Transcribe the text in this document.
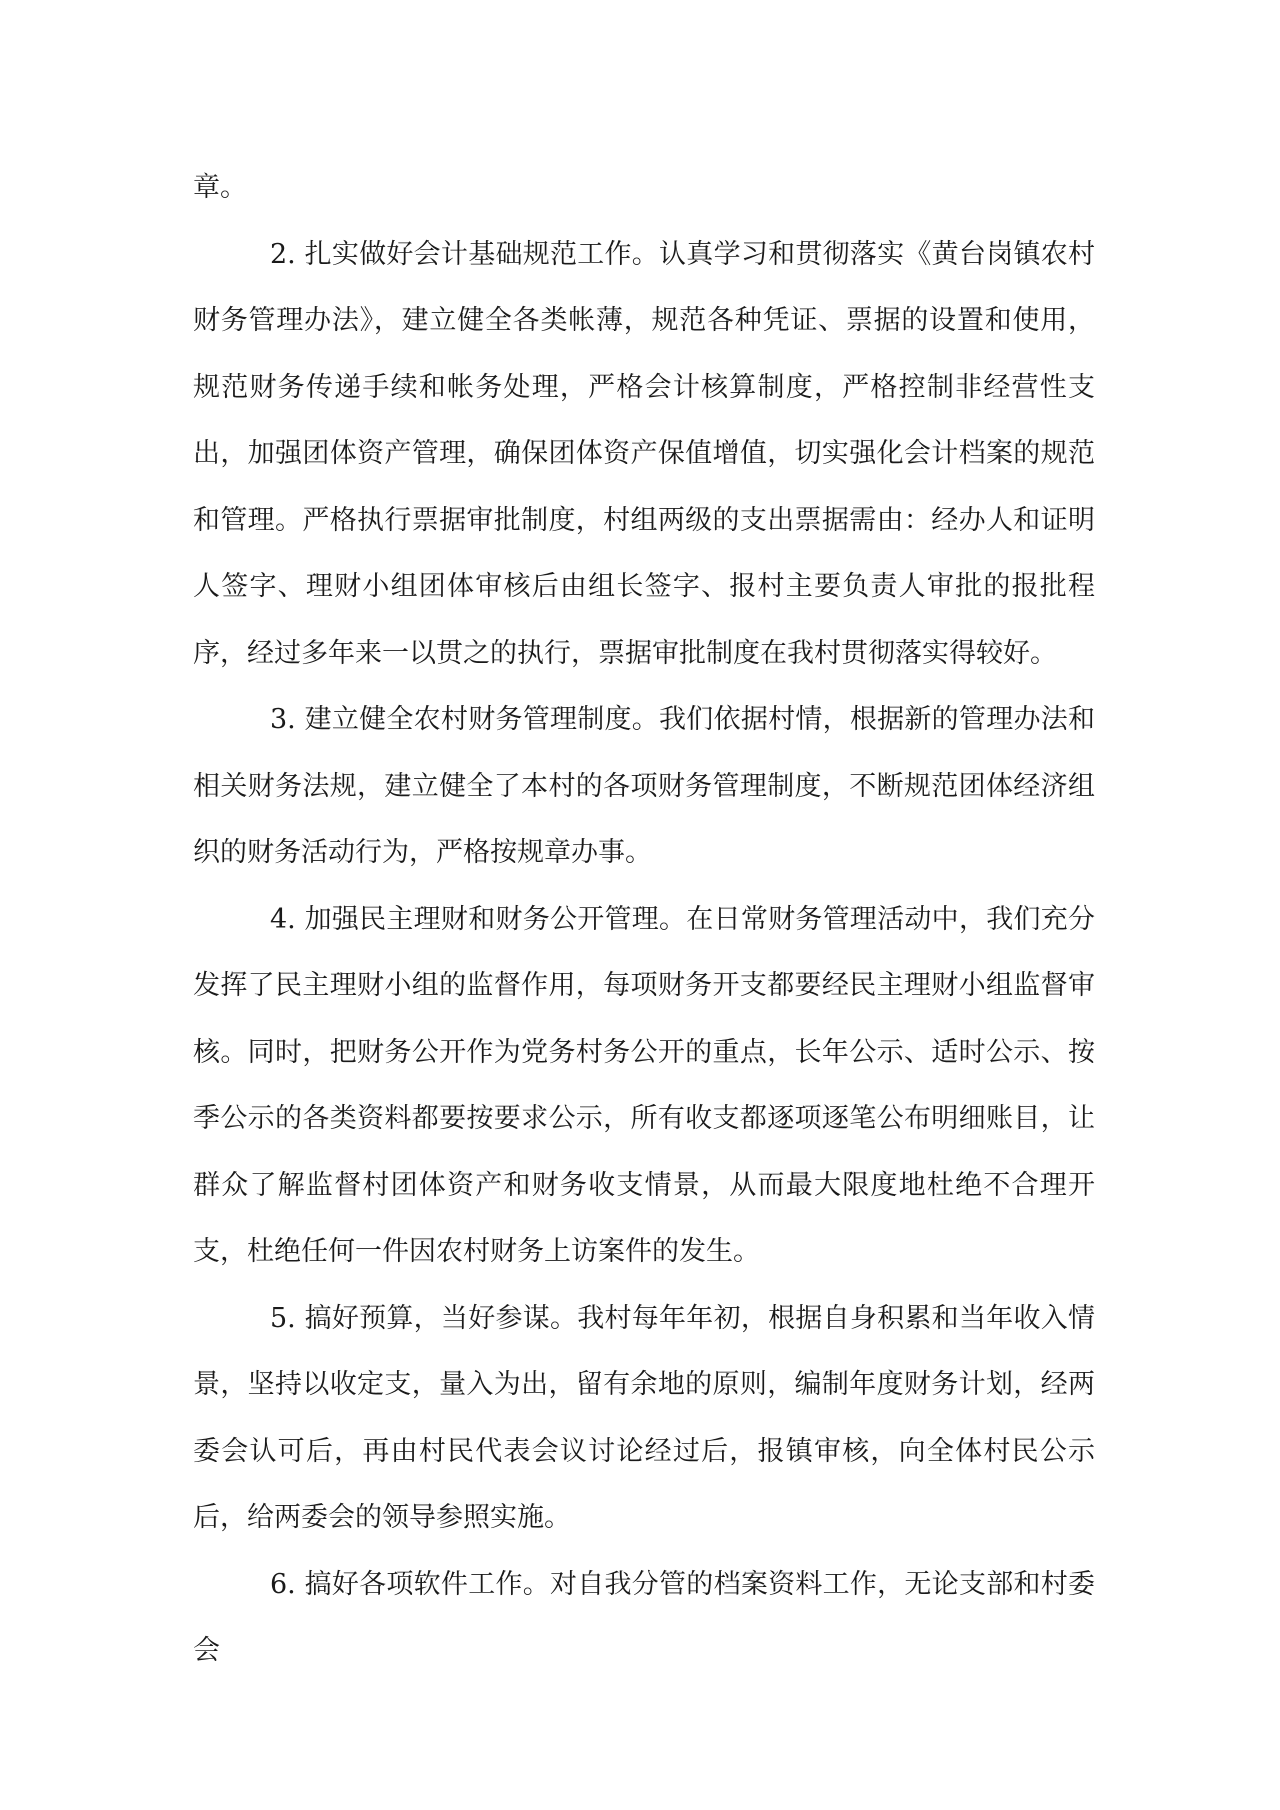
章。

2. 扎实做好会计基础规范工作。认真学习和贯彻落实《黄台岗镇农村财务管理办法》，建立健全各类帐薄，规范各种凭证、票据的设置和使用，规范财务传递手续和帐务处理，严格会计核算制度，严格控制非经营性支出，加强团体资产管理，确保团体资产保值增值，切实强化会计档案的规范和管理。严格执行票据审批制度，村组两级的支出票据需由：经办人和证明人签字、理财小组团体审核后由组长签字、报村主要负责人审批的报批程序，经过多年来一以贯之的执行，票据审批制度在我村贯彻落实得较好。

3. 建立健全农村财务管理制度。我们依据村情，根据新的管理办法和相关财务法规，建立健全了本村的各项财务管理制度，不断规范团体经济组织的财务活动行为，严格按规章办事。

4. 加强民主理财和财务公开管理。在日常财务管理活动中，我们充分发挥了民主理财小组的监督作用，每项财务开支都要经民主理财小组监督审核。同时，把财务公开作为党务村务公开的重点，长年公示、适时公示、按季公示的各类资料都要按要求公示，所有收支都逐项逐笔公布明细账目，让群众了解监督村团体资产和财务收支情景，从而最大限度地杜绝不合理开支，杜绝任何一件因农村财务上访案件的发生。

5. 搞好预算，当好参谋。我村每年年初，根据自身积累和当年收入情景，坚持以收定支，量入为出，留有余地的原则，编制年度财务计划，经两委会认可后，再由村民代表会议讨论经过后，报镇审核，向全体村民公示后，给两委会的领导参照实施。

6. 搞好各项软件工作。对自我分管的档案资料工作，无论支部和村委会
